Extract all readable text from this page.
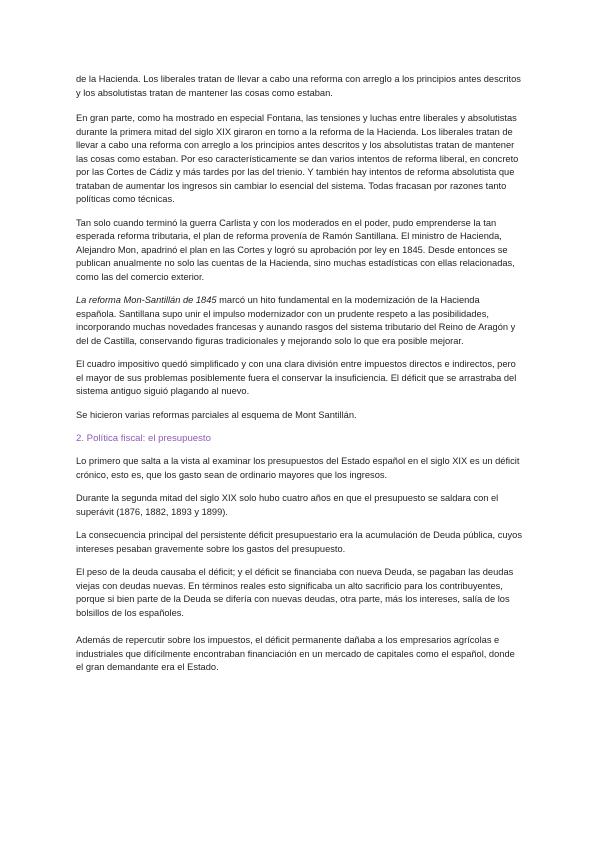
de la Hacienda. Los liberales tratan de llevar a cabo una reforma con arreglo a los principios antes descritos y los absolutistas tratan de mantener las cosas como estaban.

En gran parte, como ha mostrado en especial Fontana, las tensiones y luchas entre liberales y absolutistas durante la primera mitad del siglo XIX giraron en torno a la reforma de la Hacienda. Los liberales tratan de llevar a cabo una reforma con arreglo a los principios antes descritos y los absolutistas tratan de mantener las cosas como estaban. Por eso característicamente se dan varios intentos de reforma liberal, en concreto por las Cortes de Cádiz y más tardes por las del trienio. Y también hay intentos de reforma absolutista que trataban de aumentar los ingresos sin cambiar lo esencial del sistema. Todas fracasan por razones tanto políticas como técnicas.

Tan solo cuando terminó la guerra Carlista y con los moderados en el poder, pudo emprenderse la tan esperada reforma tributaria, el plan de reforma provenía de Ramón Santillana. El ministro de Hacienda, Alejandro Mon, apadrinó el plan en las Cortes y logró su aprobación por ley en 1845. Desde entonces se publican anualmente no solo las cuentas de la Hacienda, sino muchas estadísticas con ellas relacionadas, como las del comercio exterior.

La reforma Mon-Santillán de 1845 marcó un hito fundamental en la modernización de la Hacienda española. Santillana supo unir el impulso modernizador con un prudente respeto a las posibilidades, incorporando muchas novedades francesas y aunando rasgos del sistema tributario del Reino de Aragón y del de Castilla, conservando figuras tradicionales y mejorando solo lo que era posible mejorar.

El cuadro impositivo quedó simplificado y con una clara división entre impuestos directos e indirectos, pero el mayor de sus problemas posiblemente fuera el conservar la insuficiencia. El déficit que se arrastraba del sistema antiguo siguió plagando al nuevo.

Se hicieron varias reformas parciales al esquema de Mont Santillán.

2. Política fiscal: el presupuesto

Lo primero que salta a la vista al examinar los presupuestos del Estado español en el siglo XIX es un déficit crónico, esto es, que los gasto sean de ordinario mayores que los ingresos.

Durante la segunda mitad del siglo XIX solo hubo cuatro años en que el presupuesto se saldara con el superávit (1876, 1882, 1893 y 1899).

La consecuencia principal del persistente déficit presupuestario era la acumulación de Deuda pública, cuyos intereses pesaban gravemente sobre los gastos del presupuesto.

El peso de la deuda causaba el déficit; y el déficit se financiaba con nueva Deuda, se pagaban las deudas viejas con deudas nuevas. En términos reales esto significaba un alto sacrificio para los contribuyentes, porque si bien parte de la Deuda se difería con nuevas deudas, otra parte, más los intereses, salía de los bolsillos de los españoles.

Además de repercutir sobre los impuestos, el déficit permanente dañaba a los empresarios agrícolas e industriales que difícilmente encontraban financiación en un mercado de capitales como el español, donde el gran demandante era el Estado.
